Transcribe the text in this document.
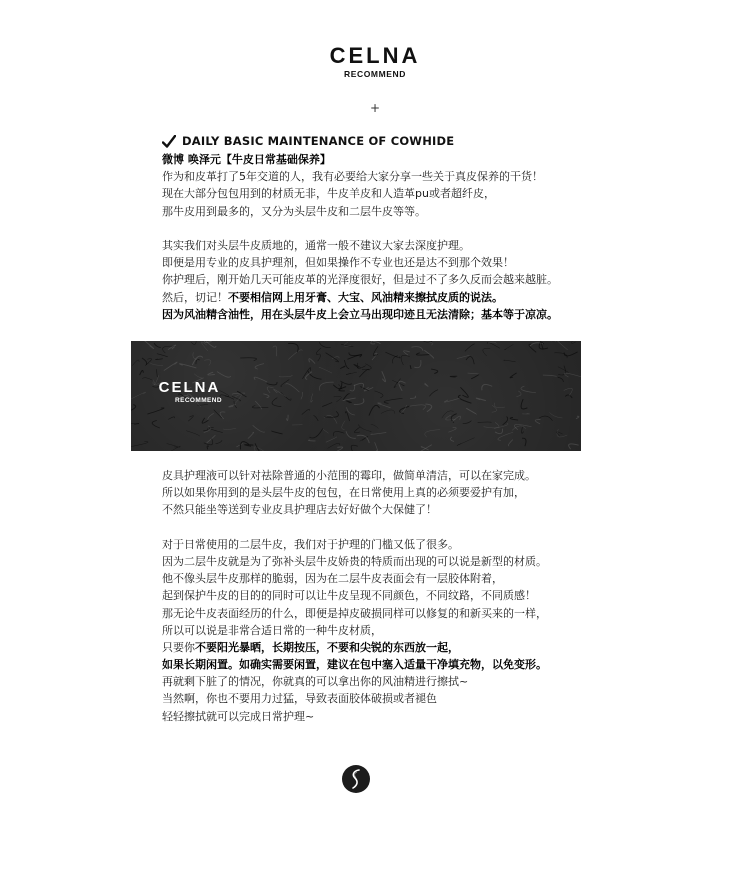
CELNA
RECOMMEND
+
DAILY BASIC MAINTENANCE OF COWHIDE
微博 唤泽元【牛皮日常基础保养】
作为和皮革打了5年交道的人，我有必要给大家分享一些关于真皮保养的干货！
现在大部分包包用到的材质无非，牛皮羊皮和人造革pu或者超纤皮，
那牛皮用到最多的，又分为头层牛皮和二层牛皮等等。
其实我们对头层牛皮质地的，通常一般不建议大家去深度护理。
即便是用专业的皮具护理剂，但如果操作不专业也还是达不到那个效果！
你护理后，刚开始几天可能皮革的光泽度很好，但是过不了多久反而会越来越脏。
然后，切记！不要相信网上用牙膏、大宝、风油精来擦拭皮质的说法。
因为风油精含油性，用在头层牛皮上会立马出现印迹且无法清除；基本等于凉凉。
CELNA
RECOMMEND
皮具护理液可以针对祛除普通的小范围的霉印，做简单清洁，可以在家完成。
所以如果你用到的是头层牛皮的包包，在日常使用上真的必须要爱护有加，
不然只能坐等送到专业皮具护理店去好好做个大保健了！
对于日常使用的二层牛皮，我们对于护理的门槛又低了很多。
因为二层牛皮就是为了弥补头层牛皮娇贵的特质而出现的可以说是新型的材质。
他不像头层牛皮那样的脆弱，因为在二层牛皮表面会有一层胶体附着，
起到保护牛皮的目的的同时可以让牛皮呈现不同颜色，不同纹路，不同质感！
那无论牛皮表面经历的什么，即便是掉皮破损同样可以修复的和新买来的一样，
所以可以说是非常合适日常的一种牛皮材质，
只要你不要阳光暴晒，长期按压，不要和尖锐的东西放一起，
如果长期闲置。如确实需要闲置，建议在包中塞入适量干净填充物，以免变形。
再就剩下脏了的情况，你就真的可以拿出你的风油精进行擦拭~
当然啊，你也不要用力过猛，导致表面胶体破损或者褪色
轻轻擦拭就可以完成日常护理~
